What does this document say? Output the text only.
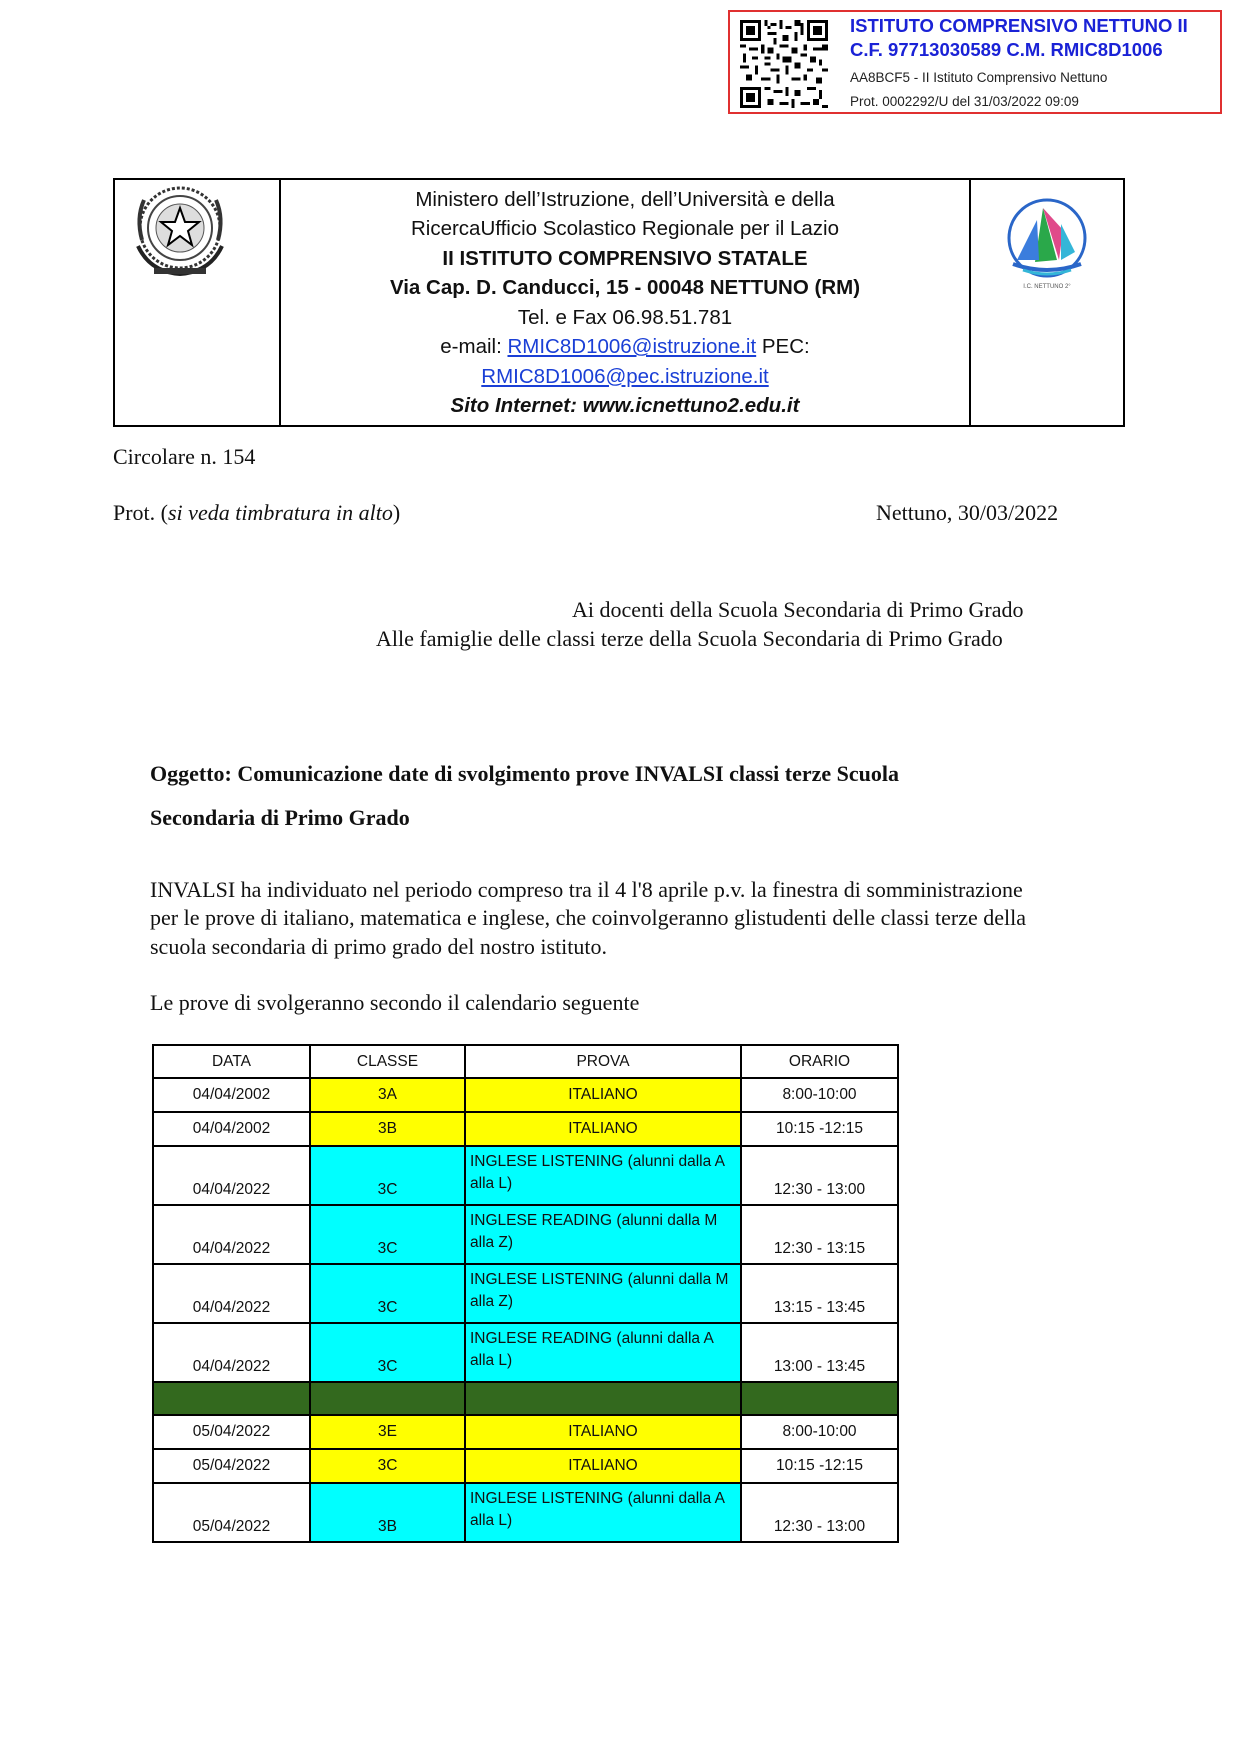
ISTITUTO COMPRENSIVO NETTUNO II
C.F. 97713030589 C.M. RMIC8D1006
AA8BCF5 - II Istituto Comprensivo Nettuno
Prot. 0002292/U del 31/03/2022 09:09

Ministero dell’Istruzione, dell’Università e della
RicercaUfficio Scolastico Regionale per il Lazio
II ISTITUTO COMPRENSIVO STATALE
Via Cap. D. Canducci, 15 - 00048 NETTUNO (RM)
Tel. e Fax 06.98.51.781
e-mail: RMIC8D1006@istruzione.it PEC:
RMIC8D1006@pec.istruzione.it
Sito Internet: www.icnettuno2.edu.it

I.C. NETTUNO 2°
Circolare n. 154
Prot. (si veda timbratura in alto)	Nettuno, 30/03/2022
Ai docenti della Scuola Secondaria di Primo Grado
Alle famiglie delle classi terze della Scuola Secondaria di Primo Grado
Oggetto: Comunicazione date di svolgimento prove INVALSI classi terze Scuola
Secondaria di Primo Grado
INVALSI ha individuato nel periodo compreso tra il 4 l'8 aprile p.v. la finestra di somministrazione
per le prove di italiano, matematica e inglese, che coinvolgeranno glistudenti delle classi terze della
scuola secondaria di primo grado del nostro istituto.
Le prove di svolgeranno secondo il calendario seguente
DATA	CLASSE	PROVA	ORARIO
04/04/2002	3A	ITALIANO	8:00-10:00
04/04/2002	3B	ITALIANO	10:15 -12:15
04/04/2022	3C	INGLESE LISTENING (alunni dalla A alla L)	12:30 - 13:00
04/04/2022	3C	INGLESE READING (alunni dalla M alla Z)	12:30 - 13:15
04/04/2022	3C	INGLESE LISTENING (alunni dalla M alla Z)	13:15 - 13:45
04/04/2022	3C	INGLESE READING (alunni dalla A alla L)	13:00 - 13:45

05/04/2022	3E	ITALIANO	8:00-10:00
05/04/2022	3C	ITALIANO	10:15 -12:15
05/04/2022	3B	INGLESE LISTENING (alunni dalla A alla L)	12:30 - 13:00
